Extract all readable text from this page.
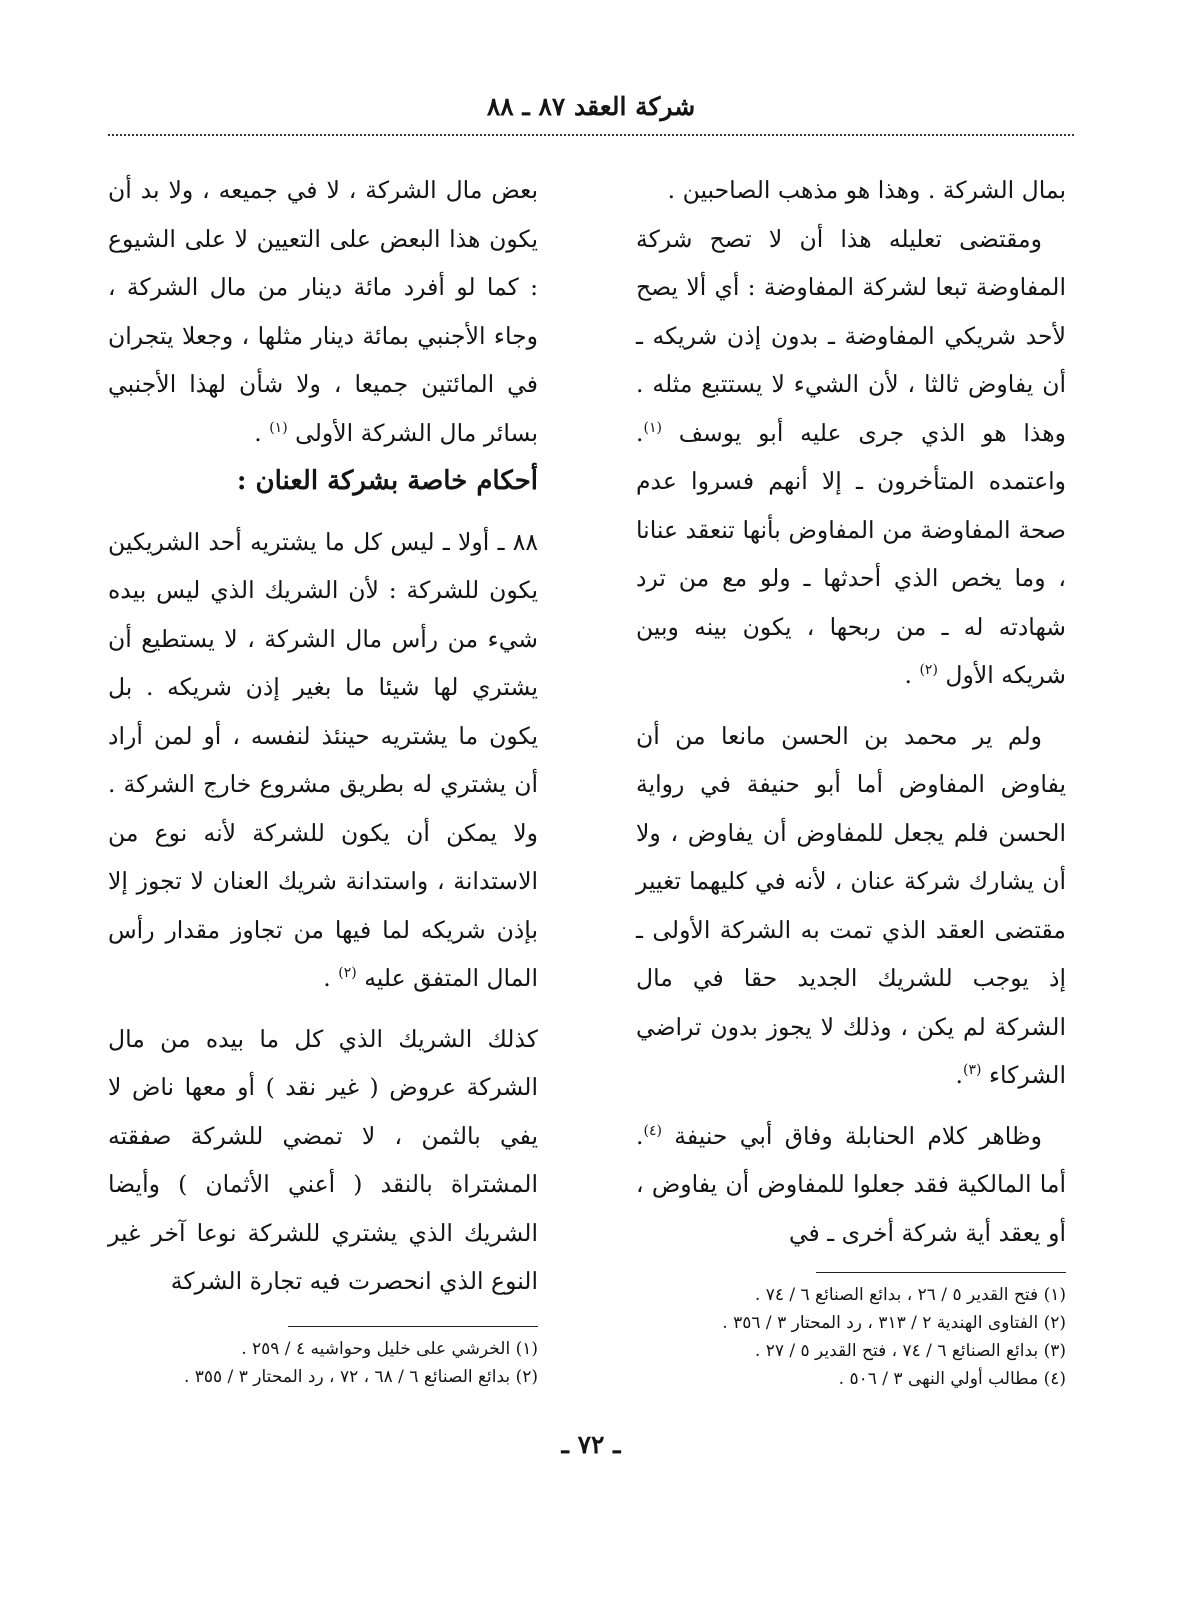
شركة العقد ٨٧ ـ ٨٨

بمال الشركة . وهذا هو مذهب الصاحبين .

ومقتضى تعليله هذا أن لا تصح شركة المفاوضة تبعا لشركة المفاوضة : أي ألا يصح لأحد شريكي المفاوضة ـ بدون إذن شريكه ـ أن يفاوض ثالثا ، لأن الشيء لا يستتبع مثله . وهذا هو الذي جرى عليه أبو يوسف $^{(١)}$. واعتمده المتأخرون ـ إلا أنهم فسروا عدم صحة المفاوضة من المفاوض بأنها تنعقد عنانا ، وما يخص الذي أحدثها ـ ولو مع من ترد شهادته له ـ من ربحها ، يكون بينه وبين شريكه الأول $^{(٢)}$ .

ولم ير محمد بن الحسن مانعا من أن يفاوض المفاوض أما أبو حنيفة في رواية الحسن فلم يجعل للمفاوض أن يفاوض ، ولا أن يشارك شركة عنان ، لأنه في كليهما تغيير مقتضى العقد الذي تمت به الشركة الأولى ـ إذ يوجب للشريك الجديد حقا في مال الشركة لم يكن ، وذلك لا يجوز بدون تراضي الشركاء $^{(٣)}$.

وظاهر كلام الحنابلة وفاق أبي حنيفة $^{(٤)}$. أما المالكية فقد جعلوا للمفاوض أن يفاوض ، أو يعقد أية شركة أخرى ـ في

بعض مال الشركة ، لا في جميعه ، ولا بد أن يكون هذا البعض على التعيين لا على الشيوع : كما لو أفرد مائة دينار من مال الشركة ، وجاء الأجنبي بمائة دينار مثلها ، وجعلا يتجران في المائتين جميعا ، ولا شأن لهذا الأجنبي بسائر مال الشركة الأولى $^{(١)}$ .

أحكام خاصة بشركة العنان :

٨٨ ـ أولا ـ ليس كل ما يشتريه أحد الشريكين يكون للشركة : لأن الشريك الذي ليس بيده شيء من رأس مال الشركة ، لا يستطيع أن يشتري لها شيئا ما بغير إذن شريكه . بل يكون ما يشتريه حينئذ لنفسه ، أو لمن أراد أن يشتري له بطريق مشروع خارج الشركة . ولا يمكن أن يكون للشركة لأنه نوع من الاستدانة ، واستدانة شريك العنان لا تجوز إلا بإذن شريكه لما فيها من تجاوز مقدار رأس المال المتفق عليه $^{(٢)}$ .

كذلك الشريك الذي كل ما بيده من مال الشركة عروض ( غير نقد ) أو معها ناض لا يفي بالثمن ، لا تمضي للشركة صفقته المشتراة بالنقد ( أعني الأثمان ) وأيضا الشريك الذي يشتري للشركة نوعا آخر غير النوع الذي انحصرت فيه تجارة الشركة	(١) فتح القدير ٥ / ٢٦ ، بدائع الصنائع ٦ / ٧٤ .

(٢) الفتاوى الهندية ٢ / ٣١٣ ، رد المحتار ٣ / ٣٥٦ .

(٣) بدائع الصنائع ٦ / ٧٤ ، فتح القدير ٥ / ٢٧ .

(٤) مطالب أولي النهى ٣ / ٥٠٦ .

(١) الخرشي على خليل وحواشيه ٤ / ٢٥٩ .

(٢) بدائع الصنائع ٦ / ٦٨ ، ٧٢ ، رد المحتار ٣ / ٣٥٥ .

ـ ٧٢ ـ
